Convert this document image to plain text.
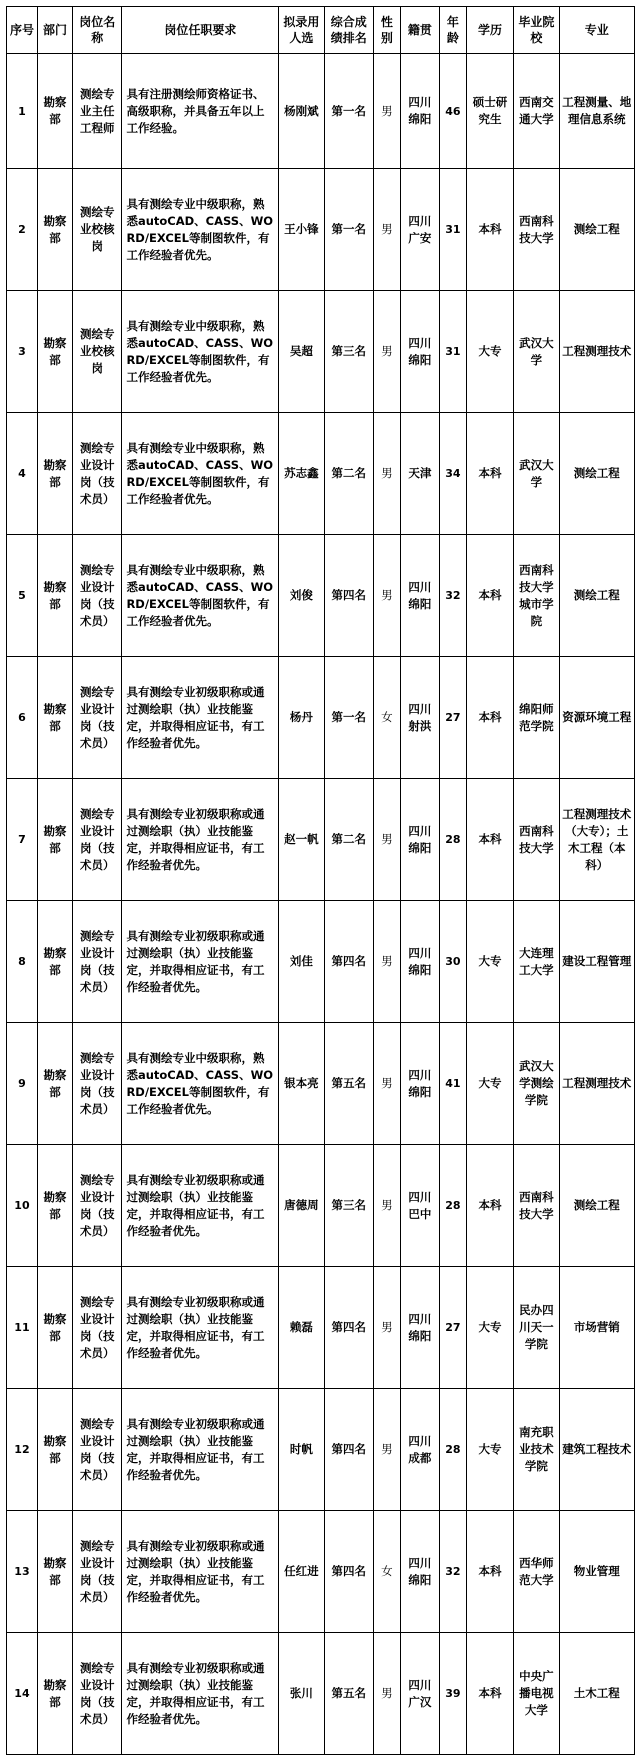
序号	部门	岗位名称	岗位任职要求	拟录用人选	综合成绩排名	性别	籍贯	年龄	学历	毕业院校	专业
1	勘察部	测绘专业主任工程师	具有注册测绘师资格证书、高级职称，并具备五年以上工作经验。	杨刚斌	第一名	男	四川绵阳	46	硕士研究生	西南交通大学	工程测量、地理信息系统
2	勘察部	测绘专业校核岗	具有测绘专业中级职称，熟悉autoCAD、CASS、WORD/EXCEL等制图软件，有工作经验者优先。	王小锋	第一名	男	四川广安	31	本科	西南科技大学	测绘工程
3	勘察部	测绘专业校核岗	具有测绘专业中级职称，熟悉autoCAD、CASS、WORD/EXCEL等制图软件，有工作经验者优先。	吴超	第三名	男	四川绵阳	31	大专	武汉大学	工程测理技术
4	勘察部	测绘专业设计岗（技术员）	具有测绘专业中级职称，熟悉autoCAD、CASS、WORD/EXCEL等制图软件，有工作经验者优先。	苏志鑫	第二名	男	天津	34	本科	武汉大学	测绘工程
5	勘察部	测绘专业设计岗（技术员）	具有测绘专业中级职称，熟悉autoCAD、CASS、WORD/EXCEL等制图软件，有工作经验者优先。	刘俊	第四名	男	四川绵阳	32	本科	西南科技大学城市学院	测绘工程
6	勘察部	测绘专业设计岗（技术员）	具有测绘专业初级职称或通过测绘职（执）业技能鉴定，并取得相应证书，有工作经验者优先。	杨丹	第一名	女	四川射洪	27	本科	绵阳师范学院	资源环境工程
7	勘察部	测绘专业设计岗（技术员）	具有测绘专业初级职称或通过测绘职（执）业技能鉴定，并取得相应证书，有工作经验者优先。	赵一帆	第二名	男	四川绵阳	28	本科	西南科技大学	工程测理技术（大专）；土木工程（本科）
8	勘察部	测绘专业设计岗（技术员）	具有测绘专业初级职称或通过测绘职（执）业技能鉴定，并取得相应证书，有工作经验者优先。	刘佳	第四名	男	四川绵阳	30	大专	大连理工大学	建设工程管理
9	勘察部	测绘专业设计岗（技术员）	具有测绘专业中级职称，熟悉autoCAD、CASS、WORD/EXCEL等制图软件，有工作经验者优先。	银本亮	第五名	男	四川绵阳	41	大专	武汉大学测绘学院	工程测理技术
10	勘察部	测绘专业设计岗（技术员）	具有测绘专业初级职称或通过测绘职（执）业技能鉴定，并取得相应证书，有工作经验者优先。	唐德周	第三名	男	四川巴中	28	本科	西南科技大学	测绘工程
11	勘察部	测绘专业设计岗（技术员）	具有测绘专业初级职称或通过测绘职（执）业技能鉴定，并取得相应证书，有工作经验者优先。	赖磊	第四名	男	四川绵阳	27	大专	民办四川天一学院	市场营销
12	勘察部	测绘专业设计岗（技术员）	具有测绘专业初级职称或通过测绘职（执）业技能鉴定，并取得相应证书，有工作经验者优先。	时帆	第四名	男	四川成都	28	大专	南充职业技术学院	建筑工程技术
13	勘察部	测绘专业设计岗（技术员）	具有测绘专业初级职称或通过测绘职（执）业技能鉴定，并取得相应证书，有工作经验者优先。	任红进	第四名	女	四川绵阳	32	本科	西华师范大学	物业管理
14	勘察部	测绘专业设计岗（技术员）	具有测绘专业初级职称或通过测绘职（执）业技能鉴定，并取得相应证书，有工作经验者优先。	张川	第五名	男	四川广汉	39	本科	中央广播电视大学	土木工程
